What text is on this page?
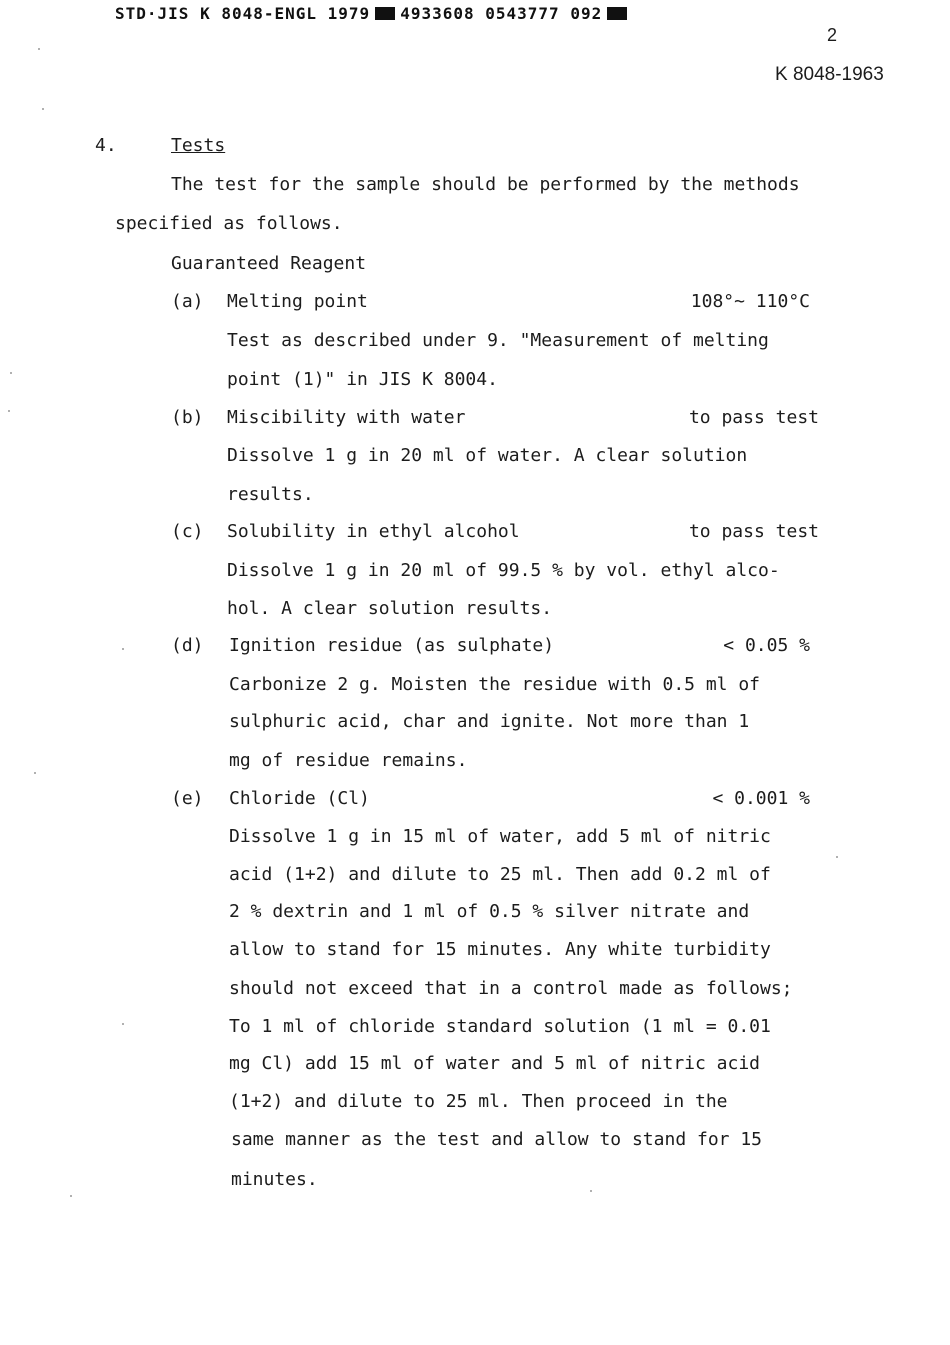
STD·JIS K 8048-ENGL 1979 4933608 0543777 092
2
K 8048-1963
4.	Tests
The test for the sample should be performed by the methods
specified as follows.
Guaranteed Reagent
(a) Melting point	108°~ 110°C
Test as described under 9. "Measurement of melting
point (1)" in JIS K 8004.
(b) Miscibility with water	to pass test
Dissolve 1 g in 20 ml of water. A clear solution
results.
(c) Solubility in ethyl alcohol	to pass test
Dissolve 1 g in 20 ml of 99.5 % by vol. ethyl alco-
hol. A clear solution results.
(d) Ignition residue (as sulphate)	< 0.05 %
Carbonize 2 g. Moisten the residue with 0.5 ml of
sulphuric acid, char and ignite. Not more than 1
mg of residue remains.
(e) Chloride (Cl)	< 0.001 %
Dissolve 1 g in 15 ml of water, add 5 ml of nitric
acid (1+2) and dilute to 25 ml. Then add 0.2 ml of
2 % dextrin and 1 ml of 0.5 % silver nitrate and
allow to stand for 15 minutes. Any white turbidity
should not exceed that in a control made as follows;
To 1 ml of chloride standard solution (1 ml = 0.01
mg Cl) add 15 ml of water and 5 ml of nitric acid
(1+2) and dilute to 25 ml. Then proceed in the
same manner as the test and allow to stand for 15
minutes.
